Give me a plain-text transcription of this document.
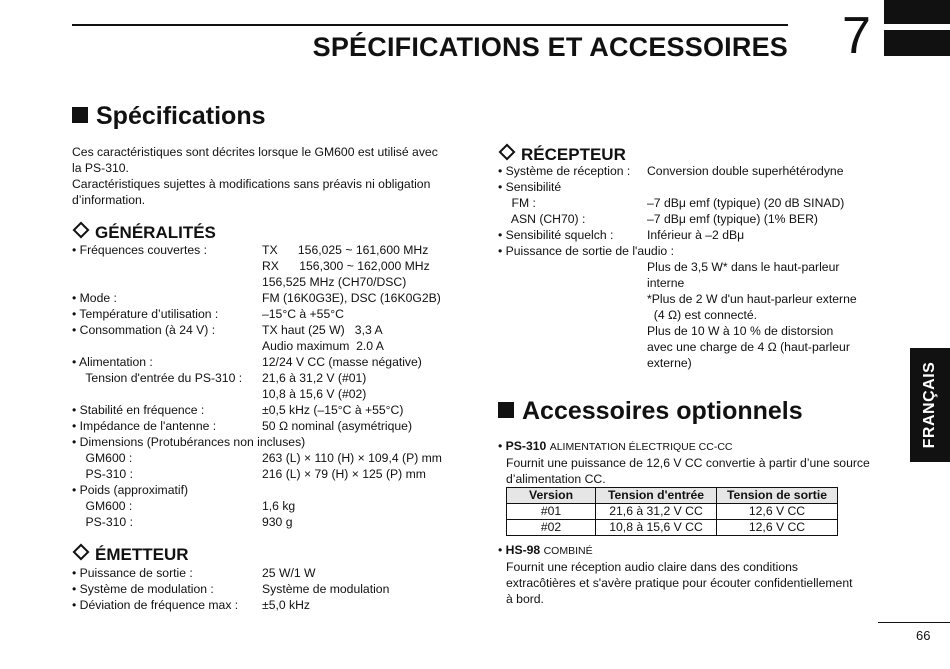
SPÉCIFICATIONS ET ACCESSOIRES 7
FRANÇAIS
Spécifications
Ces caractéristiques sont décrites lorsque le GM600 est utilisé avec
la PS-310.
Caractéristiques sujettes à modifications sans préavis ni obligation
d’information.
GÉNÉRALITÉS
• Fréquences couvertes :	TX      156,025 ~ 161,600 MHz
RX      156,300 ~ 162,000 MHz
156,525 MHz (CH70/DSC)
• Mode :	FM (16K0G3E), DSC (16K0G2B)
• Température d’utilisation :	–15°C à +55°C
• Consommation (à 24 V) :	TX haut (25 W)   3,3 A
Audio maximum  2.0 A
• Alimentation :	12/24 V CC (masse négative)
Tension d'entrée du PS-310 : 21,6 à 31,2 V (#01)
10,8 à 15,6 V (#02)
• Stabilité en fréquence :	±0,5 kHz (–15°C à +55°C)
• Impédance de l'antenne :	50 Ω nominal (asymétrique)
• Dimensions (Protubérances non incluses)
GM600 :	263 (L) × 110 (H) × 109,4 (P) mm
PS-310 :	216 (L) × 79 (H) × 125 (P) mm
• Poids (approximatif)
GM600 :	1,6 kg
PS-310 :	930 g
ÉMETTEUR
• Puissance de sortie :	25 W/1 W
• Système de modulation :	Système de modulation
• Déviation de fréquence max : ±5,0 kHz
RÉCEPTEUR
• Système de réception : Conversion double superhétérodyne
• Sensibilité
FM :	–7 dBμ emf (typique) (20 dB SINAD)
ASN (CH70) :	–7 dBμ emf (typique) (1% BER)
• Sensibilité squelch :	Inférieur à –2 dBμ
• Puissance de sortie de l'audio :
Plus de 3,5 W* dans le haut-parleur
interne
*Plus de 2 W d'un haut-parleur externe
(4 Ω) est connecté.
Plus de 10 W à 10 % de distorsion
avec une charge de 4 Ω (haut-parleur
externe)
Accessoires optionnels
• PS-310 ALIMENTATION ÉLECTRIQUE CC-CC
Fournit une puissance de 12,6 V CC convertie à partir d’une source
d’alimentation CC.
Version	Tension d'entrée	Tension de sortie
#01	21,6 à 31,2 V CC	12,6 V CC
#02	10,8 à 15,6 V CC	12,6 V CC
• HS-98 COMBINÉ
Fournit une réception audio claire dans des conditions
extracôtières et s'avère pratique pour écouter confidentiellement
à bord.
66
